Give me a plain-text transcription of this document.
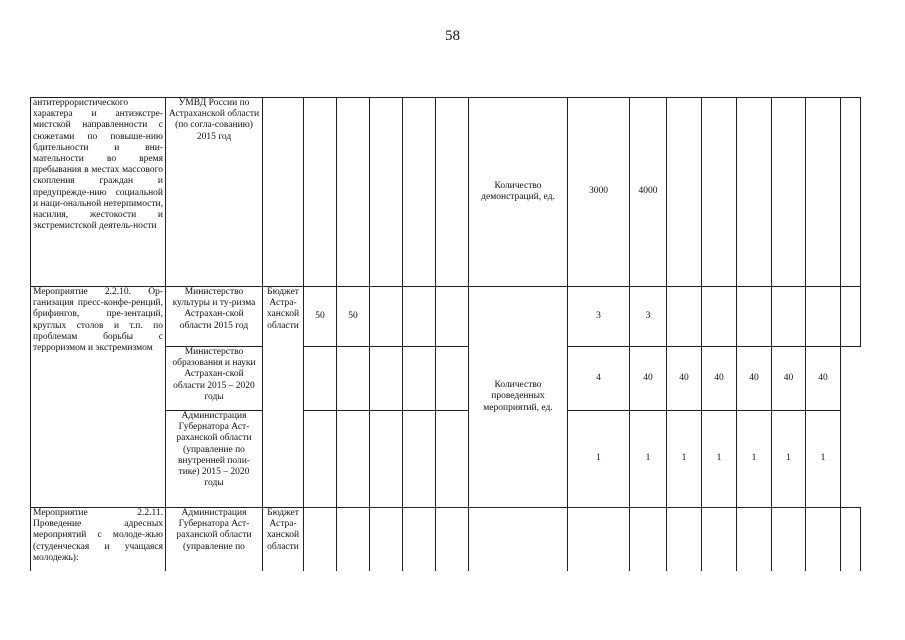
58
антитеррористического характера и антиэкстре-мистской направленности с сюжетами по повыше-нию бдительности и вни-мательности во время пребывания в местах массового скопления граждан и предупрежде-нию социальной и наци-ональной нетерпимости, насилия, жестокости и экстремистской деятель-ности	УМВД России по Астраханской области (по согла-сованию) 2015 год							Количество демонстраций, ед.	3000	4000						
Мероприятие 2.2.10. Ор-ганизация пресс-конфе-ренций, брифингов, пре-зентаций, круглых столов и т.п. по проблемам борьбы с терроризмом и экстремизмом	Министерство культуры и ту-ризма Астрахан-ской области 2015 год	Бюджет Астра-ханской области	50	50				Количество проведенных мероприятий, ед.	3	3						
	Министерство образования и науки Астрахан-ской области 2015 – 2020 годы								4	40	40	40	40	40	40	
	Администрация Губернатора Аст-раханской области (управление по внутренней поли-тике) 2015 – 2020 годы								1	1	1	1	1	1	1	
Мероприятие 2.2.11. Проведение адресных мероприятий с молоде-жью (студенческая и учащаяся молодежь):	Администрация Губернатора Аст-раханской области (управление по	Бюджет Астра-ханской области														
